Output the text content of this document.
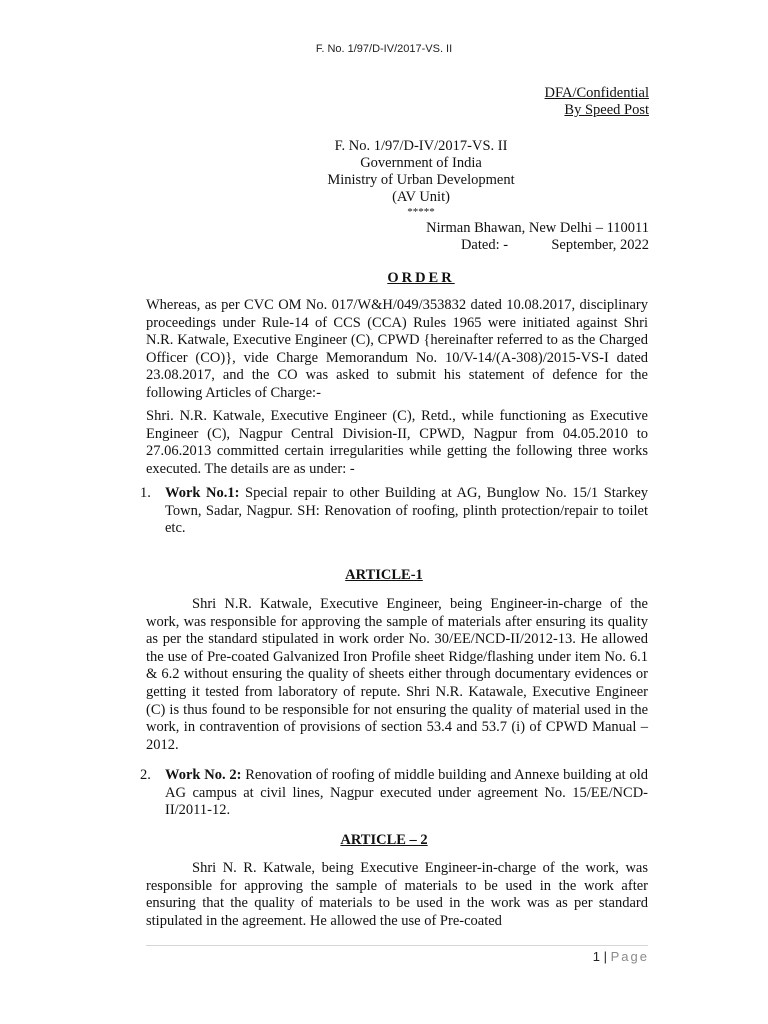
F. No. 1/97/D-IV/2017-VS. II
DFA/Confidential
By Speed Post
F. No. 1/97/D-IV/2017-VS. II
Government of India
Ministry of Urban Development
(AV Unit)
*****
Nirman Bhawan, New Delhi – 110011
Dated: -	September, 2022
ORDER
Whereas, as per CVC OM No. 017/W&H/049/353832 dated 10.08.2017, disciplinary proceedings under Rule-14 of CCS (CCA) Rules 1965 were initiated against Shri N.R. Katwale, Executive Engineer (C), CPWD {hereinafter referred to as the Charged Officer (CO)}, vide Charge Memorandum No. 10/V-14/(A-308)/2015-VS-I dated 23.08.2017, and the CO was asked to submit his statement of defence for the following Articles of Charge:-
Shri. N.R. Katwale, Executive Engineer (C), Retd., while functioning as Executive Engineer (C), Nagpur Central Division-II, CPWD, Nagpur from 04.05.2010 to 27.06.2013 committed certain irregularities while getting the following three works executed. The details are as under: -
1. Work No.1: Special repair to other Building at AG, Bunglow No. 15/1 Starkey Town, Sadar, Nagpur. SH: Renovation of roofing, plinth protection/repair to toilet etc.
ARTICLE-1
Shri N.R. Katwale, Executive Engineer, being Engineer-in-charge of the work, was responsible for approving the sample of materials after ensuring its quality as per the standard stipulated in work order No. 30/EE/NCD-II/2012-13. He allowed the use of Pre-coated Galvanized Iron Profile sheet Ridge/flashing under item No. 6.1 & 6.2 without ensuring the quality of sheets either through documentary evidences or getting it tested from laboratory of repute. Shri N.R. Katawale, Executive Engineer (C) is thus found to be responsible for not ensuring the quality of material used in the work, in contravention of provisions of section 53.4 and 53.7 (i) of CPWD Manual – 2012.
2. Work No. 2: Renovation of roofing of middle building and Annexe building at old AG campus at civil lines, Nagpur executed under agreement No. 15/EE/NCD-II/2011-12.
ARTICLE – 2
Shri N. R. Katwale, being Executive Engineer-in-charge of the work, was responsible for approving the sample of materials to be used in the work after ensuring that the quality of materials to be used in the work was as per standard stipulated in the agreement. He allowed the use of Pre-coated
1 | Page
